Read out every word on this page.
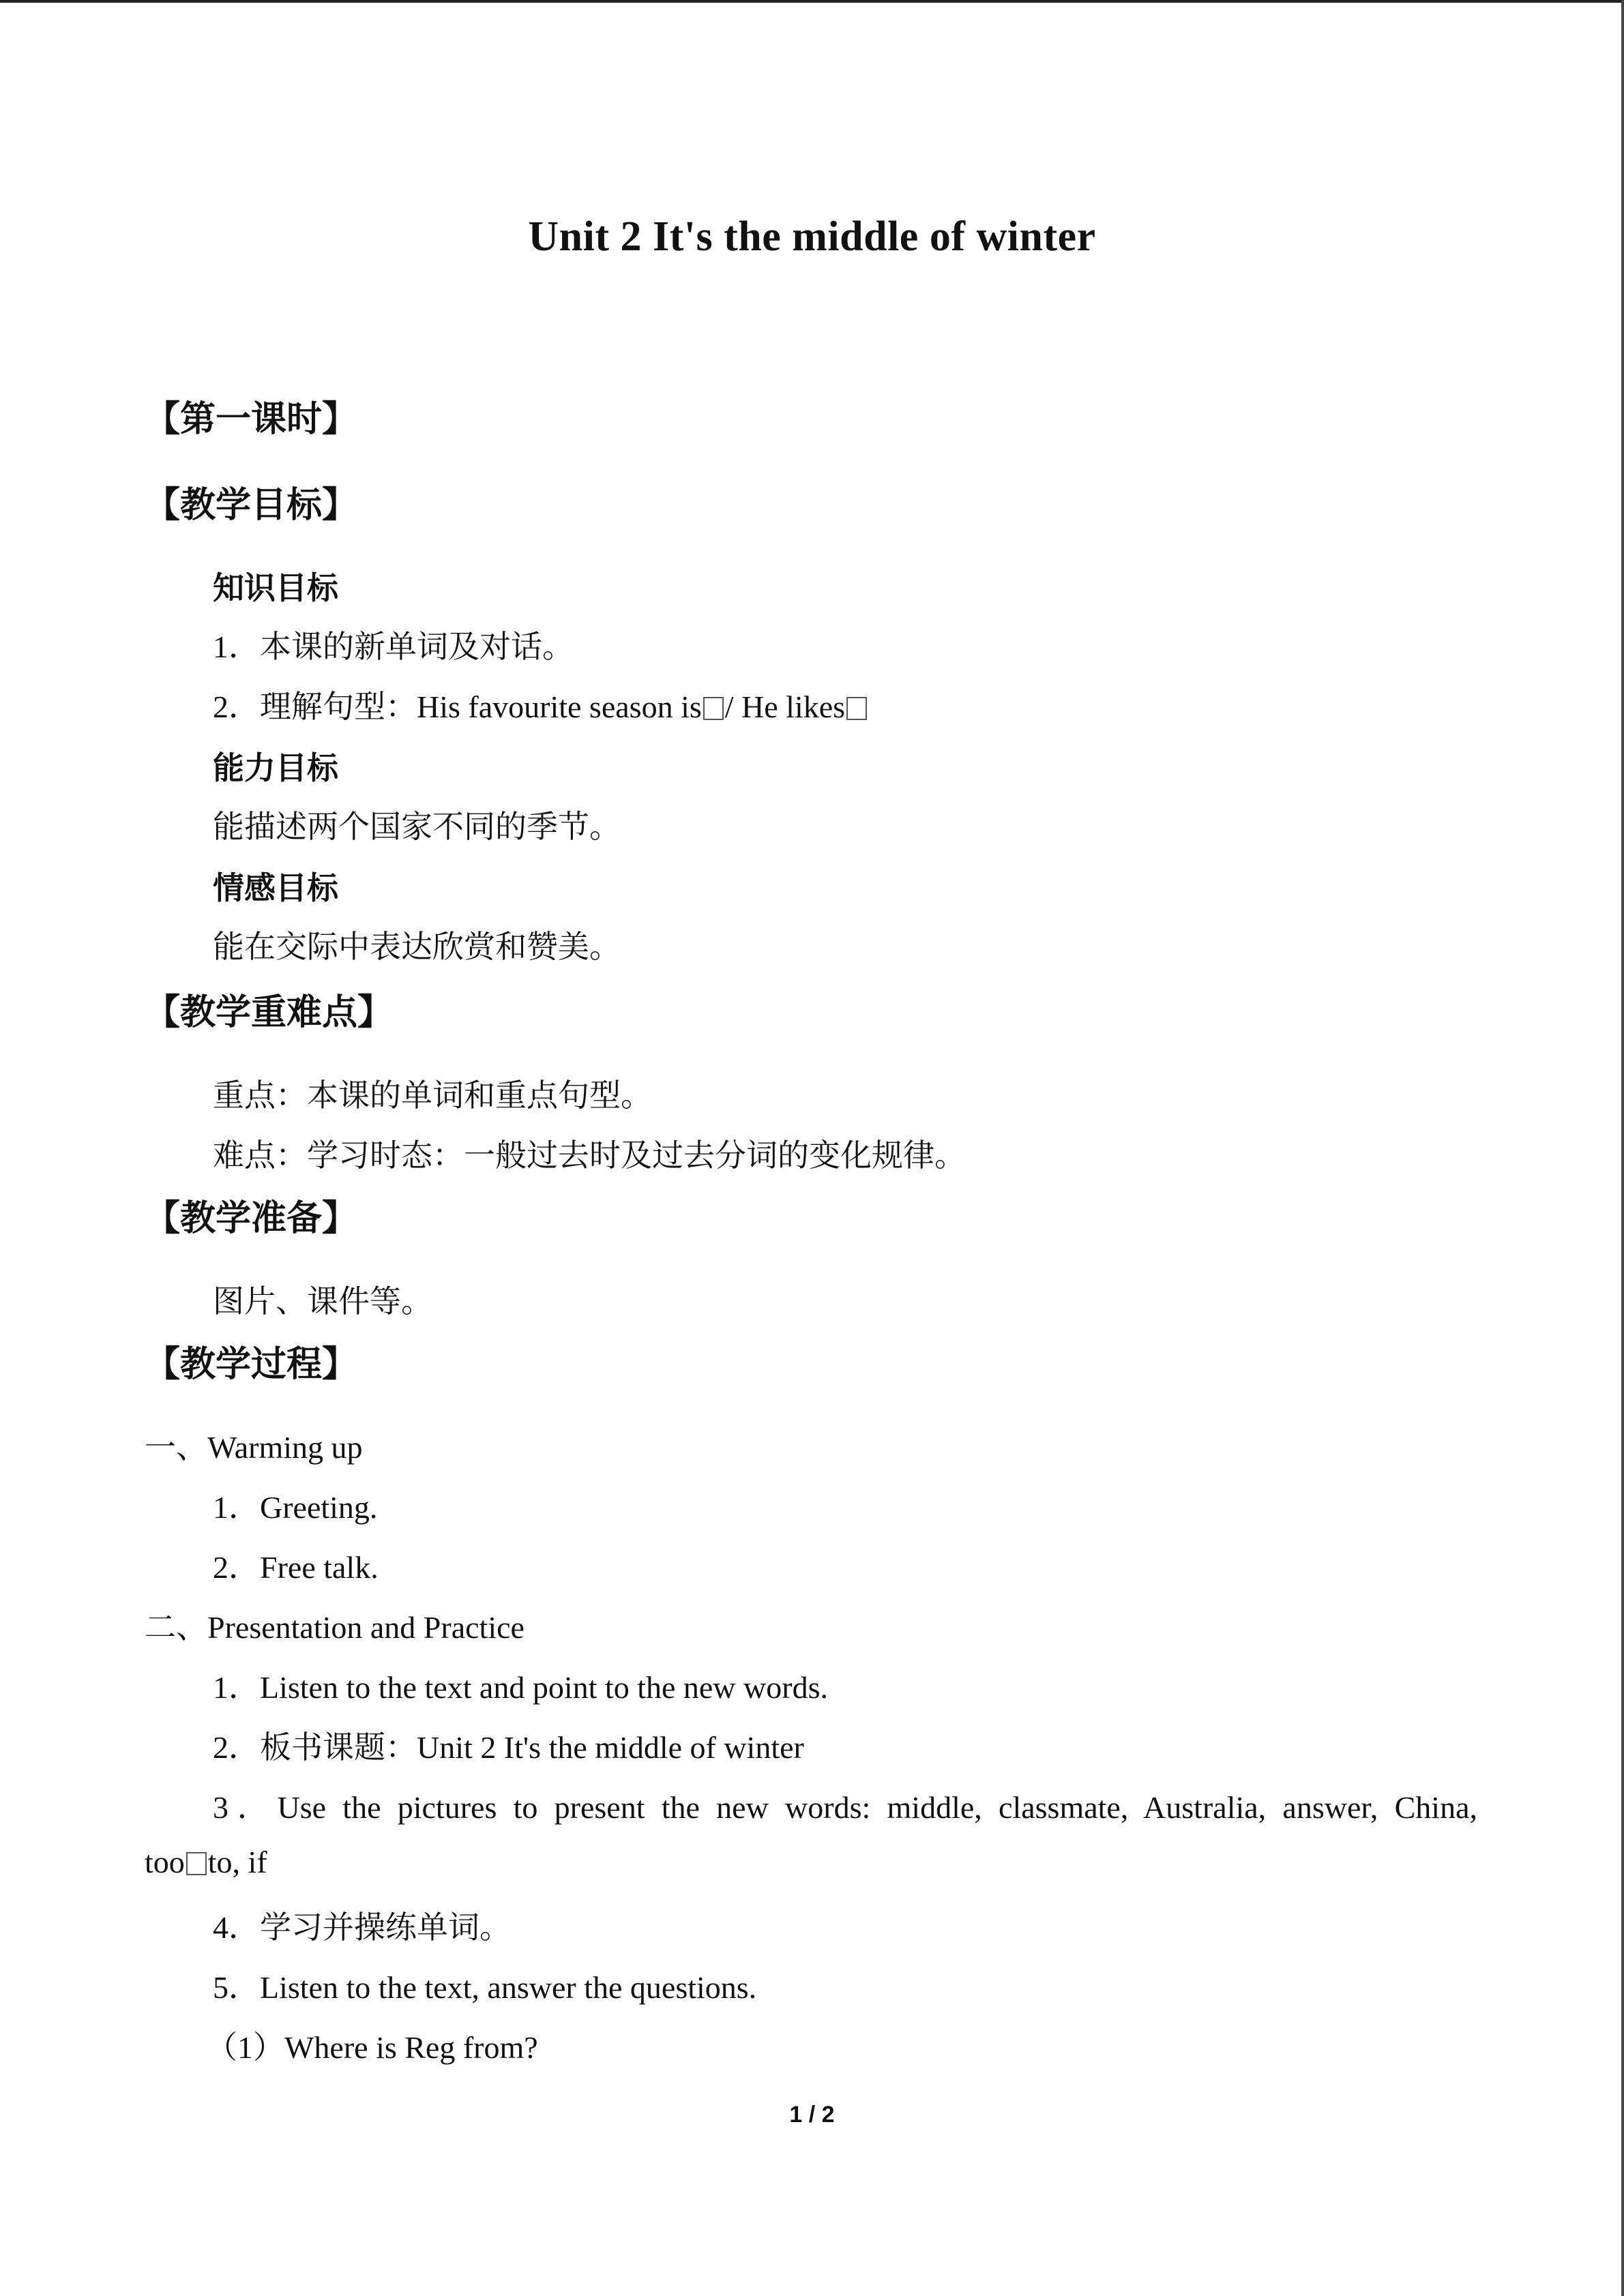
Unit 2 It's the middle of winter
【第一课时】
【教学目标】
知识目标
1．本课的新单词及对话。
2．理解句型：His favourite season is / He likes
能力目标
能描述两个国家不同的季节。
情感目标
能在交际中表达欣赏和赞美。
【教学重难点】
重点：本课的单词和重点句型。
难点：学习时态：一般过去时及过去分词的变化规律。
【教学准备】
图片、课件等。
【教学过程】
一、Warming up
1．Greeting.
2．Free talk.
二、Presentation and Practice
1．Listen to the text and point to the new words.
2．板书课题：Unit 2 It's the middle of winter
3．Use the pictures to present the new words: middle, classmate, Australia, answer, China,
too to, if
4．学习并操练单词。
5．Listen to the text, answer the questions.
（1）Where is Reg from?
1 / 2
